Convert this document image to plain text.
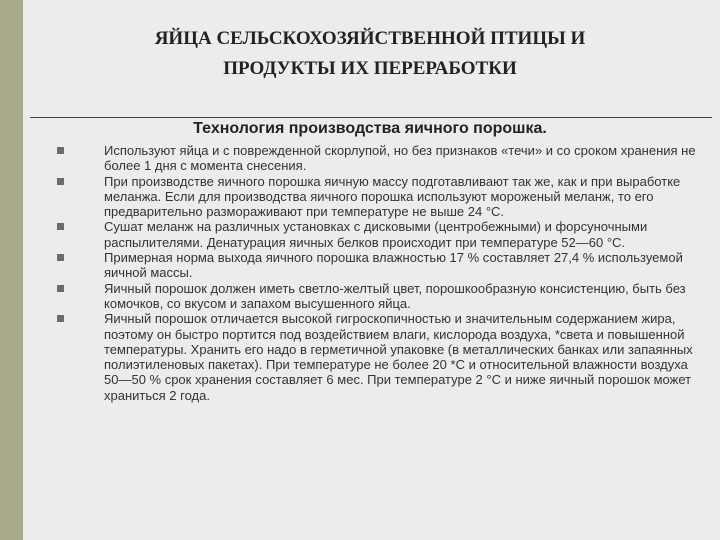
ЯЙЦА СЕЛЬСКОХОЗЯЙСТВЕННОЙ ПТИЦЫ И
ПРОДУКТЫ ИХ ПЕРЕРАБОТКИ
Технология производства яичного порошка.
Используют яйца и с поврежденной скорлупой, но без признаков «течи» и со сроком хранения не более 1 дня с момента снесения.
При производстве яичного порошка яичную массу подготавливают так же, как и при выработке меланжа. Если для производства яичного порошка используют мороженый меланж, то его предварительно размораживают при температуре не выше 24 °С.
Сушат меланж на различных установках с дисковыми (центробежными) и форсуночными распылителями. Денатурация яичных белков происходит при температуре 52—60 °С.
Примерная норма выхода яичного порошка влажностью 17 % составляет 27,4 % используемой яичной массы.
Яичный порошок должен иметь светло-желтый цвет, порошкообразную консистенцию, быть без комочков, со вкусом и запахом высушенного яйца.
Яичный порошок отличается высокой гигроскопичностью и значительным содержанием жира, поэтому он быстро портится под воздействием влаги, кислорода воздуха, *света и повышенной температуры. Хранить его надо в герметичной упаковке (в металлических банках или запаянных полиэтиленовых пакетах). При температуре не более 20 *С и относительной влажности воздуха 50—50 % срок хранения составляет 6 мес. При температуре 2 °С и ниже яичный порошок может храниться 2 года.
